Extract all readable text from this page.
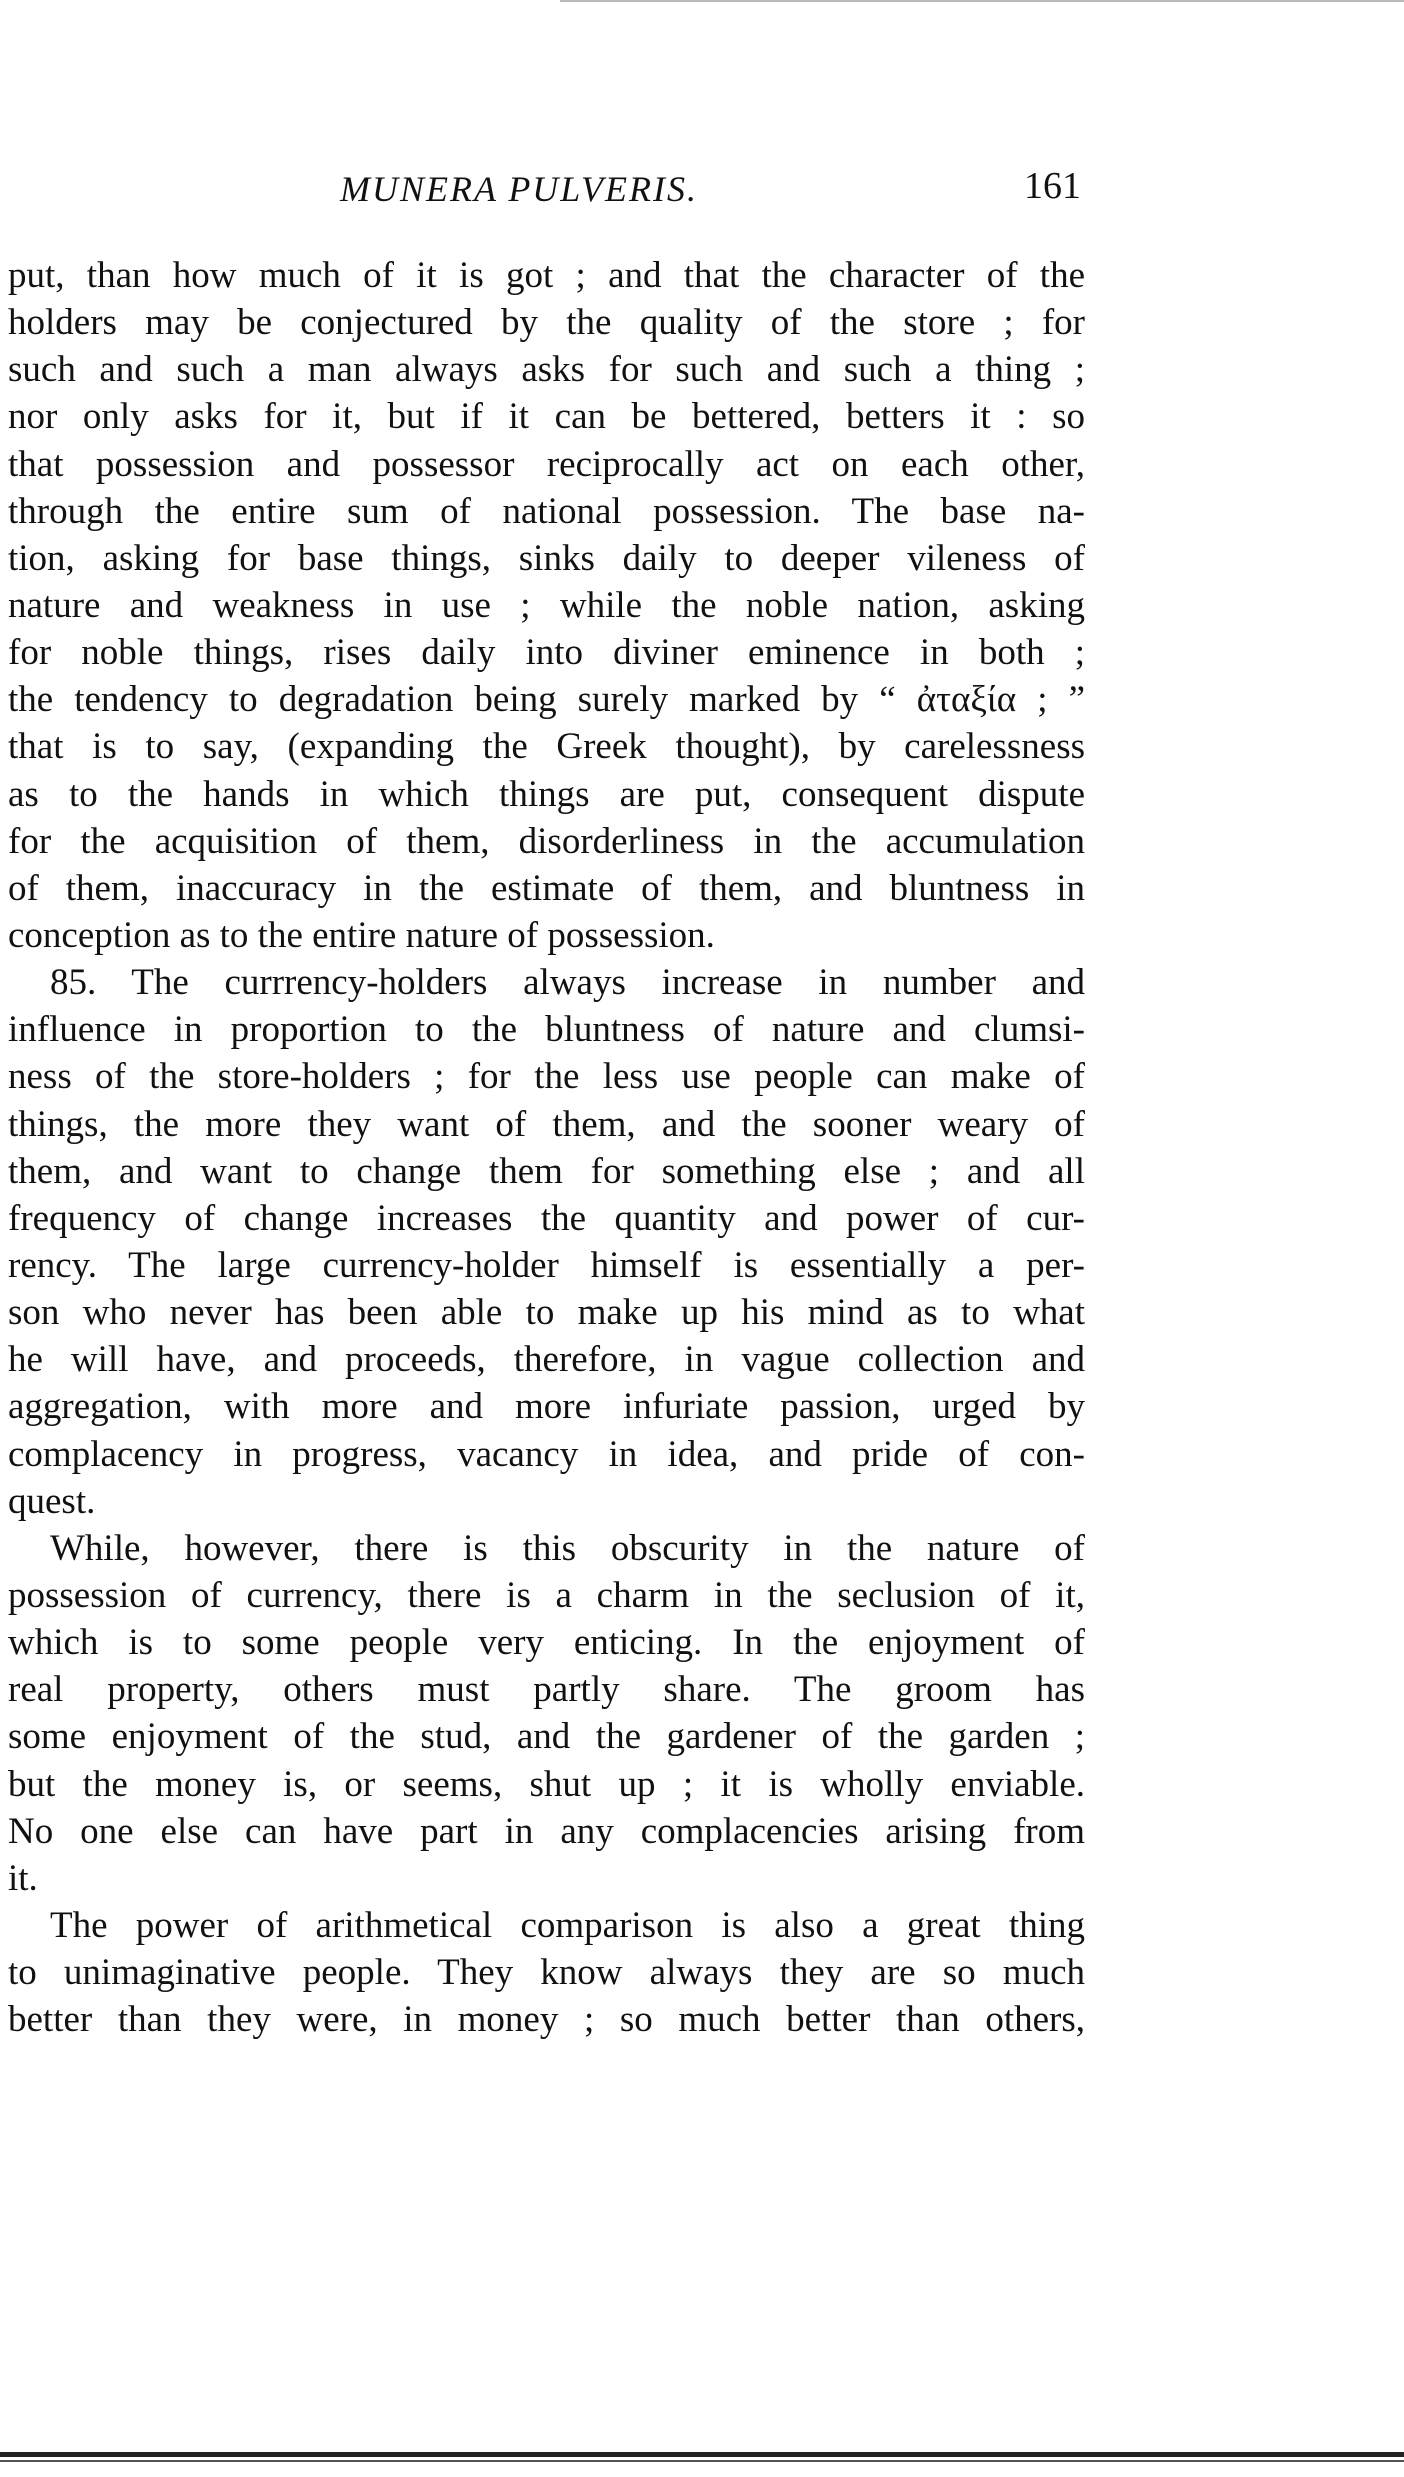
MUNERA PULVERIS.	161
put, than how much of it is got ; and that the character of the
holders may be conjectured by the quality of the store ; for
such and such a man always asks for such and such a thing ;
nor only asks for it, but if it can be bettered, betters it : so
that possession and possessor reciprocally act on each other,
through the entire sum of national possession. The base na-
tion, asking for base things, sinks daily to deeper vileness of
nature and weakness in use ; while the noble nation, asking
for noble things, rises daily into diviner eminence in both ;
the tendency to degradation being surely marked by “ ἀταξία ; ”
that is to say, (expanding the Greek thought), by carelessness
as to the hands in which things are put, consequent dispute
for the acquisition of them, disorderliness in the accumulation
of them, inaccuracy in the estimate of them, and bluntness in
conception as to the entire nature of possession.
85. The currrency-holders always increase in number and
influence in proportion to the bluntness of nature and clumsi-
ness of the store-holders ; for the less use people can make of
things, the more they want of them, and the sooner weary of
them, and want to change them for something else ; and all
frequency of change increases the quantity and power of cur-
rency. The large currency-holder himself is essentially a per-
son who never has been able to make up his mind as to what
he will have, and proceeds, therefore, in vague collection and
aggregation, with more and more infuriate passion, urged by
complacency in progress, vacancy in idea, and pride of con-
quest.
While, however, there is this obscurity in the nature of
possession of currency, there is a charm in the seclusion of it,
which is to some people very enticing. In the enjoyment of
real property, others must partly share. The groom has
some enjoyment of the stud, and the gardener of the garden ;
but the money is, or seems, shut up ; it is wholly enviable.
No one else can have part in any complacencies arising from
it.
The power of arithmetical comparison is also a great thing
to unimaginative people. They know always they are so much
better than they were, in money ; so much better than others,
